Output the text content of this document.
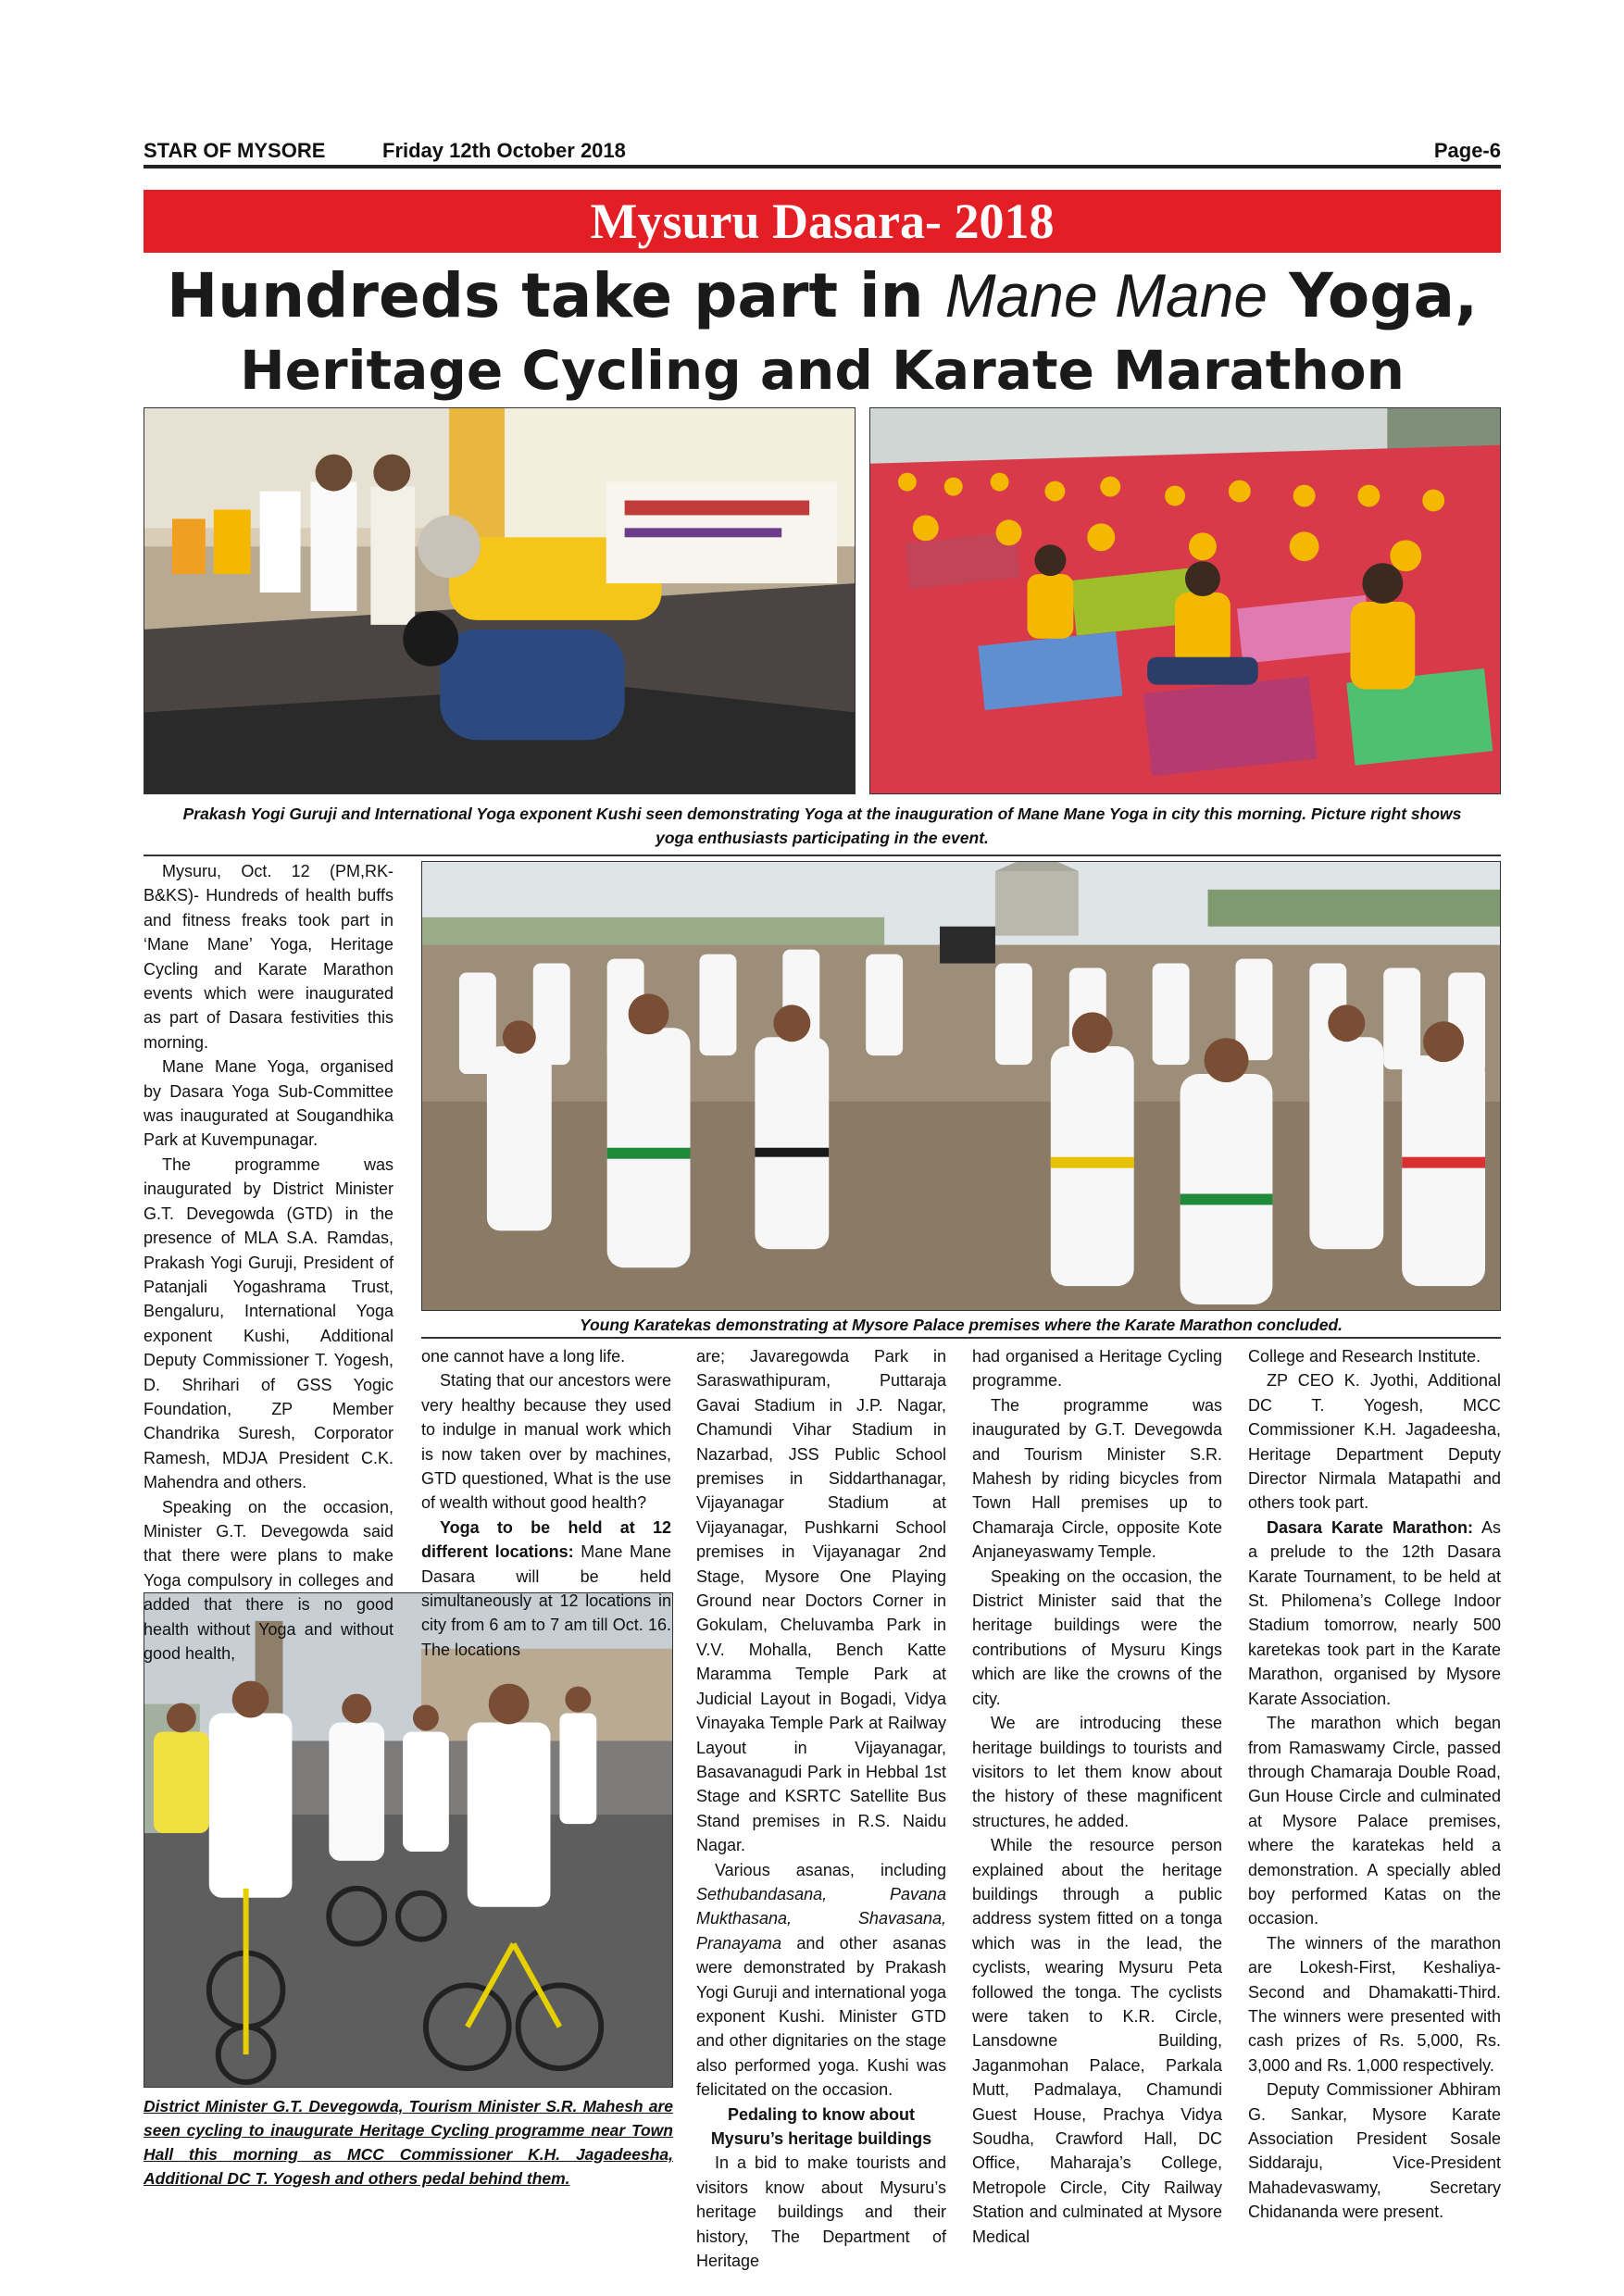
STAR OF MYSORE	Friday 12th October 2018	Page-6
Mysuru Dasara- 2018
Hundreds take part in Mane Mane Yoga,
Heritage Cycling and Karate Marathon
Prakash Yogi Guruji and International Yoga exponent Kushi seen demonstrating Yoga at the inauguration of Mane Mane Yoga in city this morning. Picture right shows yoga enthusiasts participating in the event.
Young Karatekas demonstrating at Mysore Palace premises where the Karate Marathon concluded.
District Minister G.T. Devegowda, Tourism Minister S.R. Mahesh are seen cycling to inaugurate Heritage Cycling programme near Town Hall this morning as MCC Commissioner K.H. Jagadeesha, Additional DC T. Yogesh and others pedal behind them.

Mysuru, Oct. 12 (PM,RK-B&KS)- Hundreds of health buffs and fitness freaks took part in ‘Mane Mane’ Yoga, Heritage Cycling and Karate Marathon events which were inaugurated as part of Dasara festivities this morning.

Mane Mane Yoga, organised by Dasara Yoga Sub-Committee was inaugurated at Sougandhika Park at Kuvempunagar.

The programme was inaugurated by District Minister G.T. Devegowda (GTD) in the presence of MLA S.A. Ramdas, Prakash Yogi Guruji, President of Patanjali Yogashrama Trust, Bengaluru, International Yoga exponent Kushi, Additional Deputy Commissioner T. Yogesh, D. Shrihari of GSS Yogic Foundation, ZP Member Chandrika Suresh, Corporator Ramesh, MDJA President C.K. Mahendra and others.

Speaking on the occasion, Minister G.T. Devegowda said that there were plans to make Yoga compulsory in colleges and added that there is no good health without Yoga and without good health,

one cannot have a long life.

Stating that our ancestors were very healthy because they used to indulge in manual work which is now taken over by machines, GTD questioned, What is the use of wealth without good health?

Yoga to be held at 12 different locations: Mane Mane Dasara will be held simultaneously at 12 locations in city from 6 am to 7 am till Oct. 16. The locations

are; Javaregowda Park in Saraswathipuram, Puttaraja Gavai Stadium in J.P. Nagar, Chamundi Vihar Stadium in Nazarbad, JSS Public School premises in Siddarthanagar, Vijayanagar Stadium at Vijayanagar, Pushkarni School premises in Vijayanagar 2nd Stage, Mysore One Playing Ground near Doctors Corner in Gokulam, Cheluvamba Park in V.V. Mohalla, Bench Katte Maramma Temple Park at Judicial Layout in Bogadi, Vidya Vinayaka Temple Park at Railway Layout in Vijayanagar, Basavanagudi Park in Hebbal 1st Stage and KSRTC Satellite Bus Stand premises in R.S. Naidu Nagar.

Various asanas, including Sethubandasana, Pavana Mukthasana, Shavasana, Pranayama and other asanas were demonstrated by Prakash Yogi Guruji and international yoga exponent Kushi. Minister GTD and other dignitaries on the stage also performed yoga. Kushi was felicitated on the occasion.

Pedaling to know about

Mysuru’s heritage buildings

In a bid to make tourists and visitors know about Mysuru’s heritage buildings and their history, The Department of Heritage

had organised a Heritage Cycling programme.

The programme was inaugurated by G.T. Devegowda and Tourism Minister S.R. Mahesh by riding bicycles from Town Hall premises up to Chamaraja Circle, opposite Kote Anjaneyaswamy Temple.

Speaking on the occasion, the District Minister said that the heritage buildings were the contributions of Mysuru Kings which are like the crowns of the city.

We are introducing these heritage buildings to tourists and visitors to let them know about the history of these magnificent structures, he added.

While the resource person explained about the heritage buildings through a public address system fitted on a tonga which was in the lead, the cyclists, wearing Mysuru Peta followed the tonga. The cyclists were taken to K.R. Circle, Lansdowne Building, Jaganmohan Palace, Parkala Mutt, Padmalaya, Chamundi Guest House, Prachya Vidya Soudha, Crawford Hall, DC Office, Maharaja’s College, Metropole Circle, City Railway Station and culminated at Mysore Medical

College and Research Institute.

ZP CEO K. Jyothi, Additional DC T. Yogesh, MCC Commissioner K.H. Jagadeesha, Heritage Department Deputy Director Nirmala Matapathi and others took part.

Dasara Karate Marathon: As a prelude to the 12th Dasara Karate Tournament, to be held at St. Philomena’s College Indoor Stadium tomorrow, nearly 500 karetekas took part in the Karate Marathon, organised by Mysore Karate Association.

The marathon which began from Ramaswamy Circle, passed through Chamaraja Double Road, Gun House Circle and culminated at Mysore Palace premises, where the karatekas held a demonstration. A specially abled boy performed Katas on the occasion.

The winners of the marathon are Lokesh-First, Keshaliya-Second and Dhamakatti-Third. The winners were presented with cash prizes of Rs. 5,000, Rs. 3,000 and Rs. 1,000 respectively.

Deputy Commissioner Abhiram G. Sankar, Mysore Karate Association President Sosale Siddaraju, Vice-President Mahadevaswamy, Secretary Chidananda were present.
